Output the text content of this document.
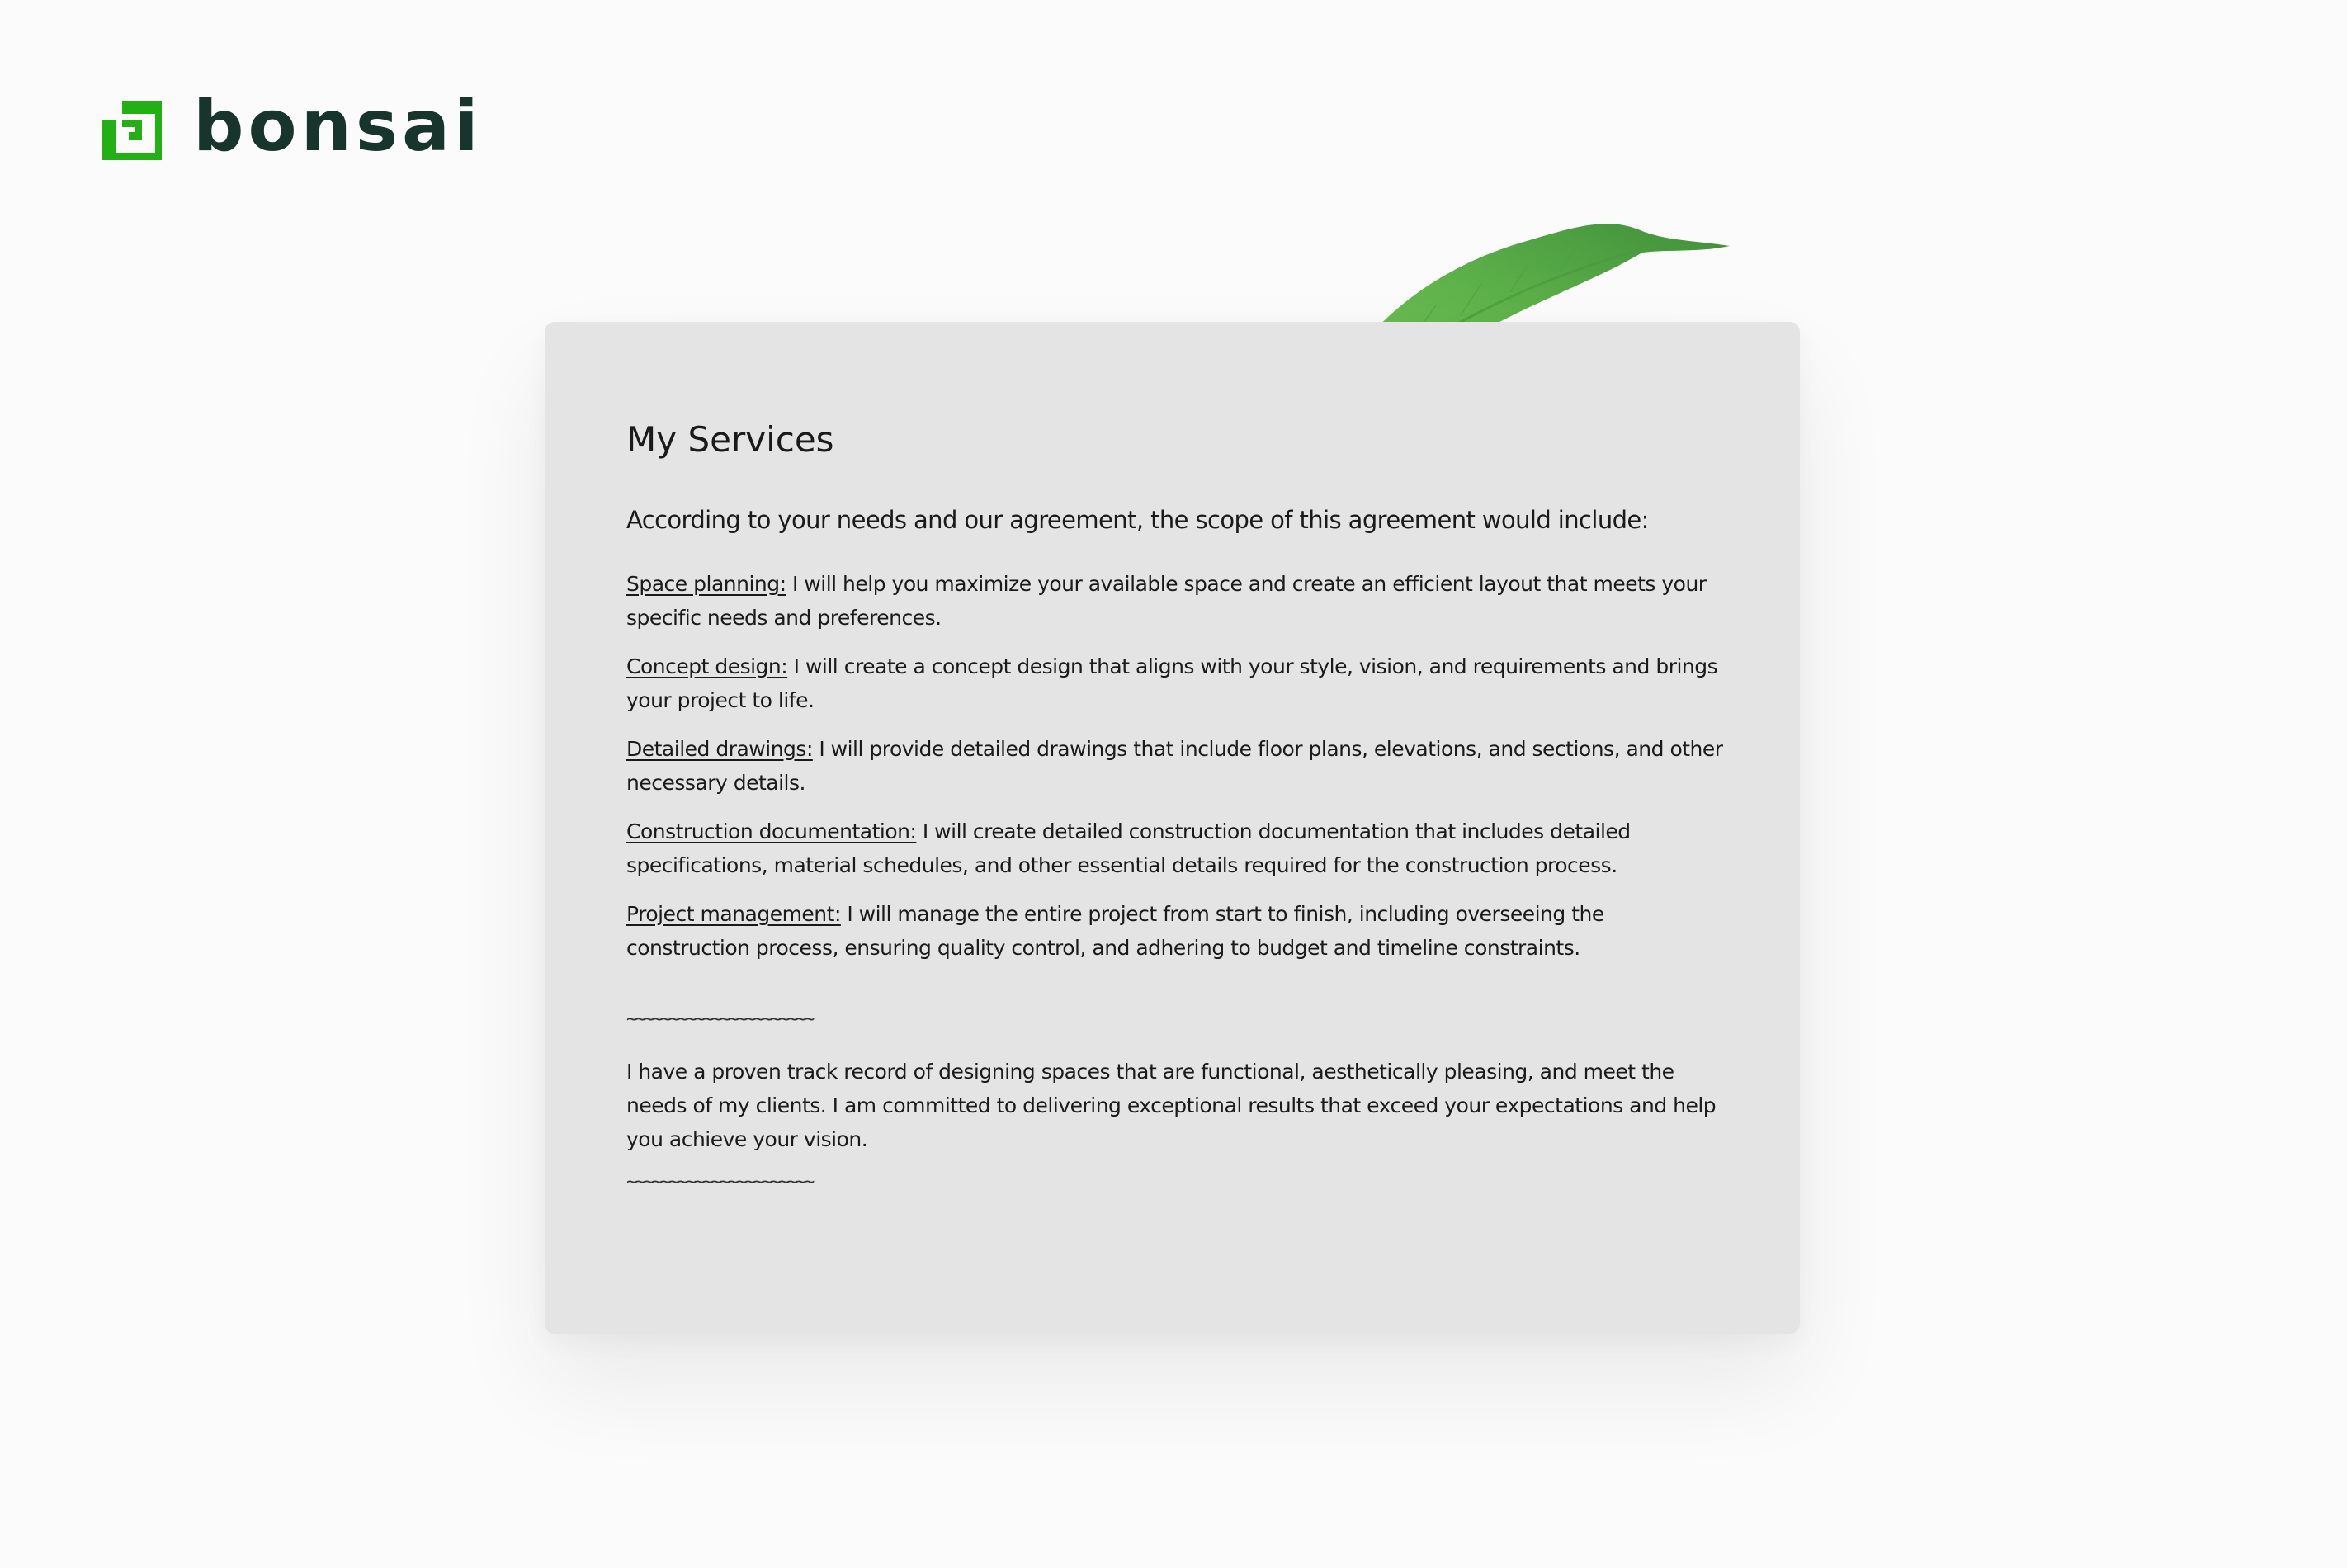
bonsai
My Services

According to your needs and our agreement, the scope of this agreement would include:

Space planning: I will help you maximize your available space and create an efficient layout that meets your specific needs and preferences.
Concept design: I will create a concept design that aligns with your style, vision, and requirements and brings your project to life.
Detailed drawings: I will provide detailed drawings that include floor plans, elevations, and sections, and other necessary details.
Construction documentation: I will create detailed construction documentation that includes detailed specifications, material schedules, and other essential details required for the construction process.
Project management: I will manage the entire project from start to finish, including overseeing the construction process, ensuring quality control, and adhering to budget and timeline constraints.
~~~~~~~~~~~~~~~~~~~~~~

I have a proven track record of designing spaces that are functional, aesthetically pleasing, and meet the needs of my clients. I am committed to delivering exceptional results that exceed your expectations and help you achieve your vision.

~~~~~~~~~~~~~~~~~~~~~~
